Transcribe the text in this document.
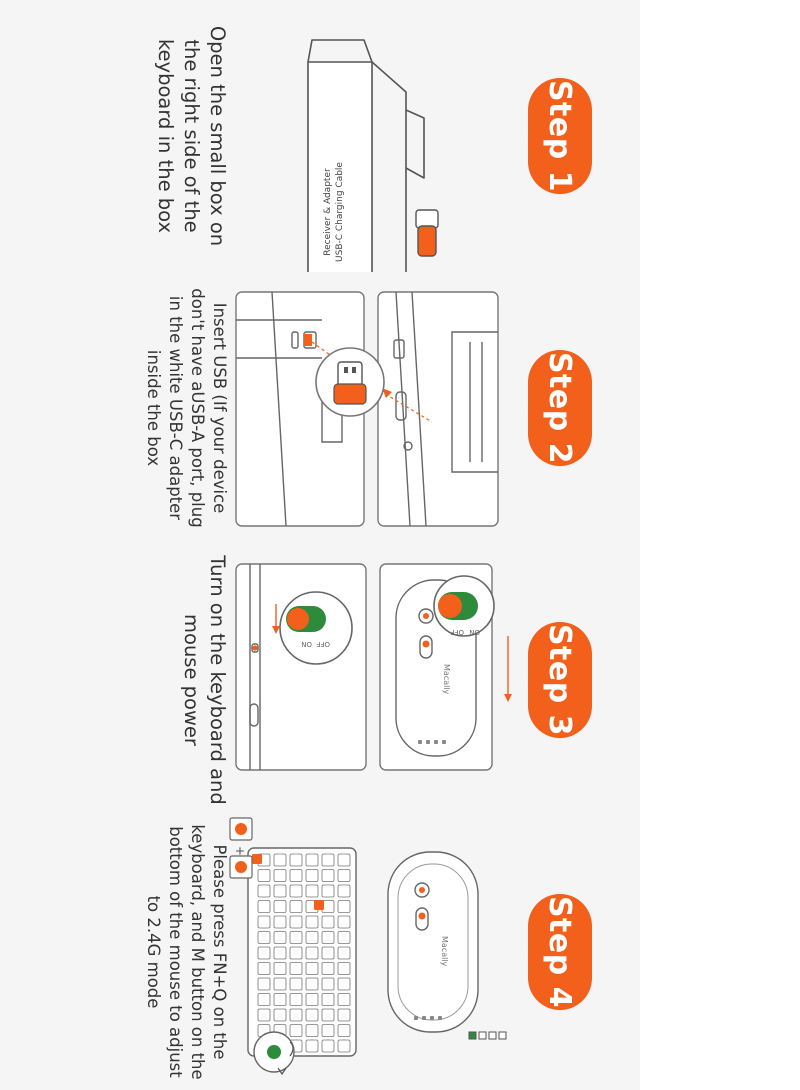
Step 1
USB-C Charging Cable
Receiver & Adapter
Open the small box on the right side of the keyboard in the box
Step 2
Insert USB (If your device don't have aUSB-A port, plug in the white USB-C adapter inside the box
Step 3
Macally
ON
OFF
OFF
ON
Turn on the keyboard and mouse power
Step 4
Macally
+
Please press FN+Q on the keyboard, and M button on the bottom of the mouse to adjust to 2.4G mode
